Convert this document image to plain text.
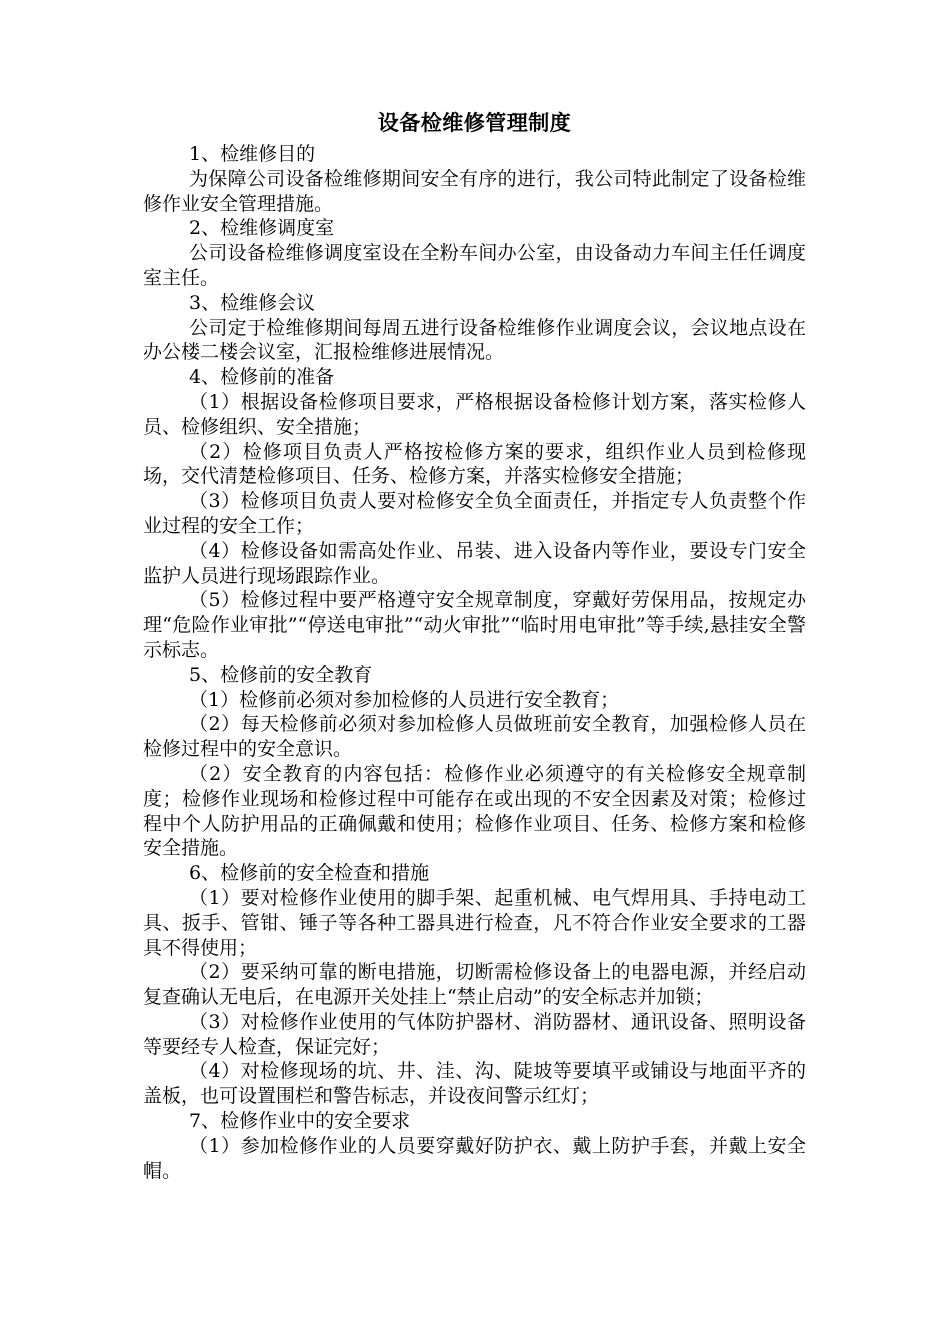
设备检维修管理制度

1、检维修目的

为保障公司设备检维修期间安全有序的进行，我公司特此制定了设备检维修作业安全管理措施。

2、检维修调度室

公司设备检维修调度室设在全粉车间办公室，由设备动力车间主任任调度室主任。

3、检维修会议

公司定于检维修期间每周五进行设备检维修作业调度会议，会议地点设在办公楼二楼会议室，汇报检维修进展情况。

4、检修前的准备

（1）根据设备检修项目要求，严格根据设备检修计划方案，落实检修人员、检修组织、安全措施；

（2）检修项目负责人严格按检修方案的要求，组织作业人员到检修现场，交代清楚检修项目、任务、检修方案，并落实检修安全措施；

（3）检修项目负责人要对检修安全负全面责任，并指定专人负责整个作业过程的安全工作；

（4）检修设备如需高处作业、吊装、进入设备内等作业，要设专门安全监护人员进行现场跟踪作业。

（5）检修过程中要严格遵守安全规章制度，穿戴好劳保用品，按规定办理“危险作业审批”“停送电审批”“动火审批”“临时用电审批”等手续,悬挂安全警示标志。

5、检修前的安全教育

（1）检修前必须对参加检修的人员进行安全教育；

（2）每天检修前必须对参加检修人员做班前安全教育，加强检修人员在检修过程中的安全意识。

（2）安全教育的内容包括：检修作业必须遵守的有关检修安全规章制度；检修作业现场和检修过程中可能存在或出现的不安全因素及对策；检修过程中个人防护用品的正确佩戴和使用；检修作业项目、任务、检修方案和检修安全措施。

6、检修前的安全检查和措施

（1）要对检修作业使用的脚手架、起重机械、电气焊用具、手持电动工具、扳手、管钳、锤子等各种工器具进行检查，凡不符合作业安全要求的工器具不得使用；

（2）要采纳可靠的断电措施，切断需检修设备上的电器电源，并经启动复查确认无电后，在电源开关处挂上“禁止启动”的安全标志并加锁；

（3）对检修作业使用的气体防护器材、消防器材、通讯设备、照明设备等要经专人检查，保证完好；

（4）对检修现场的坑、井、洼、沟、陡坡等要填平或铺设与地面平齐的盖板，也可设置围栏和警告标志，并设夜间警示红灯；

7、检修作业中的安全要求

（1）参加检修作业的人员要穿戴好防护衣、戴上防护手套，并戴上安全帽。
